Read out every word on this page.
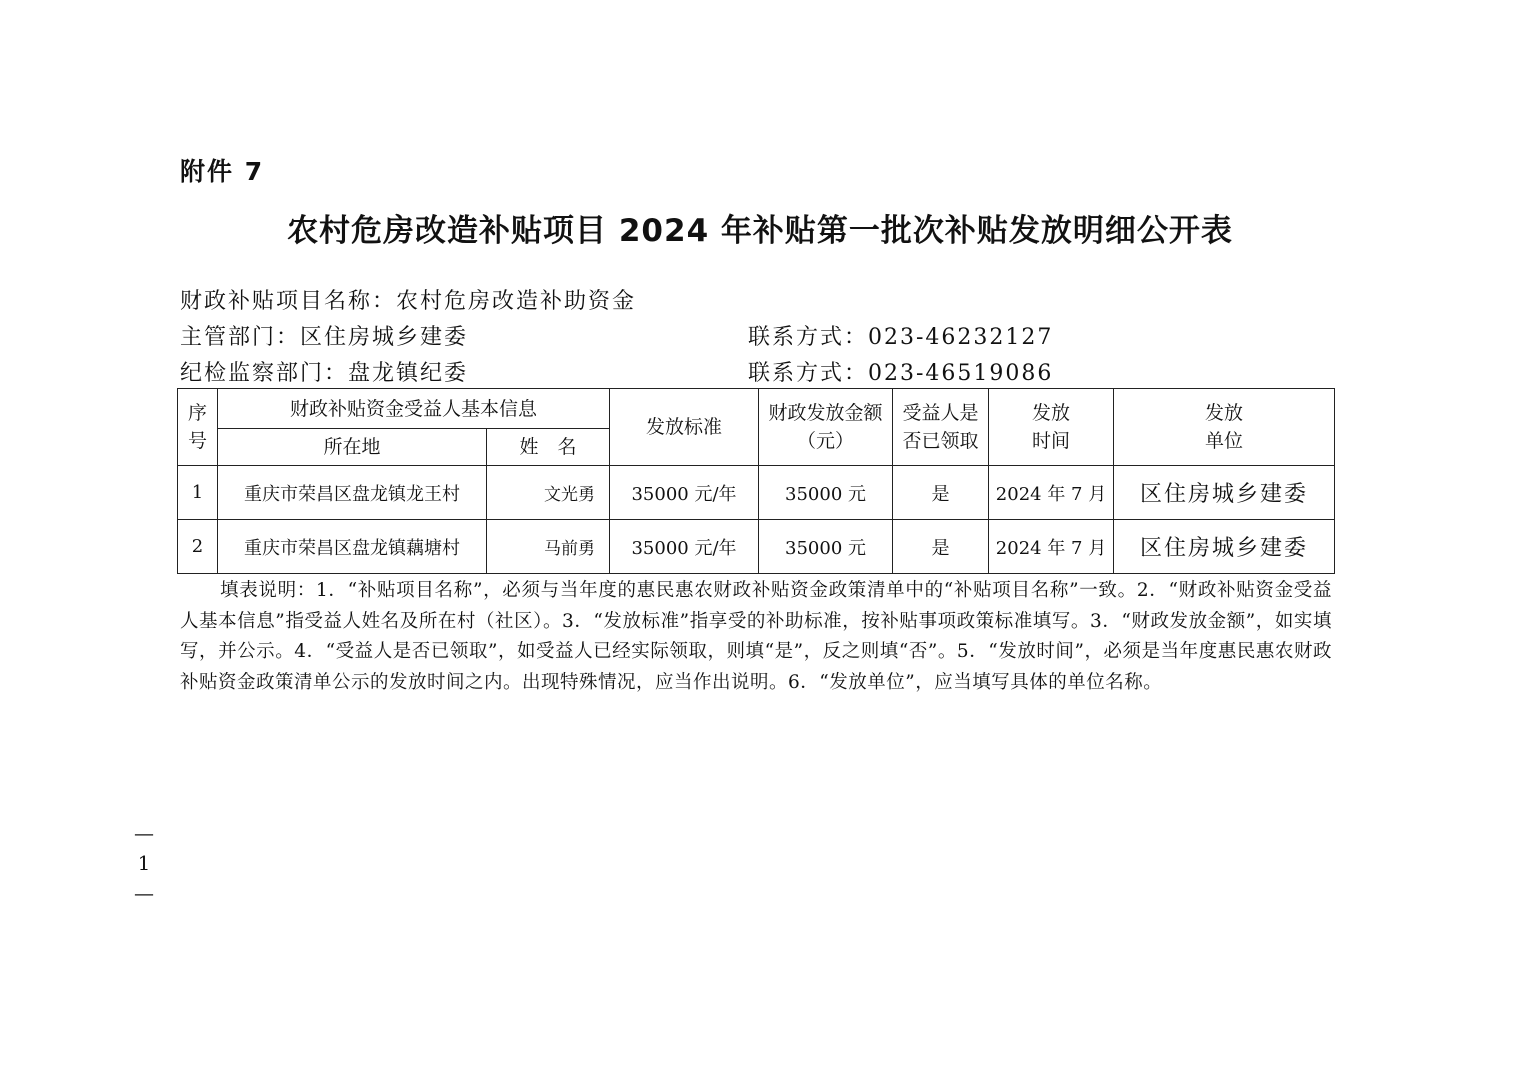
附件 7
农村危房改造补贴项目 2024 年补贴第一批次补贴发放明细公开表
财政补贴项目名称：农村危房改造补助资金
主管部门：区住房城乡建委	联系方式：023-46232127
纪检监察部门：盘龙镇纪委	联系方式：023-46519086
序号	财政补贴资金受益人基本信息		发放标准	财政发放金额（元）	受益人是否已领取	发放时间	发放单位
	所在地	姓　名					
1	重庆市荣昌区盘龙镇龙王村	文光勇	35000 元/年	35000 元	是	2024 年 7 月	区住房城乡建委
2	重庆市荣昌区盘龙镇藕塘村	马前勇	35000 元/年	35000 元	是	2024 年 7 月	区住房城乡建委
填表说明：1．“补贴项目名称”，必须与当年度的惠民惠农财政补贴资金政策清单中的“补贴项目名称”一致。2．“财政补贴资金受益人基本信息”指受益人姓名及所在村（社区）。3．“发放标准”指享受的补助标准，按补贴事项政策标准填写。3．“财政发放金额”，如实填写，并公示。4．“受益人是否已领取”，如受益人已经实际领取，则填“是”，反之则填“否”。5．“发放时间”，必须是当年度惠民惠农财政补贴资金政策清单公示的发放时间之内。出现特殊情况，应当作出说明。6．“发放单位”，应当填写具体的单位名称。
— 1 —
